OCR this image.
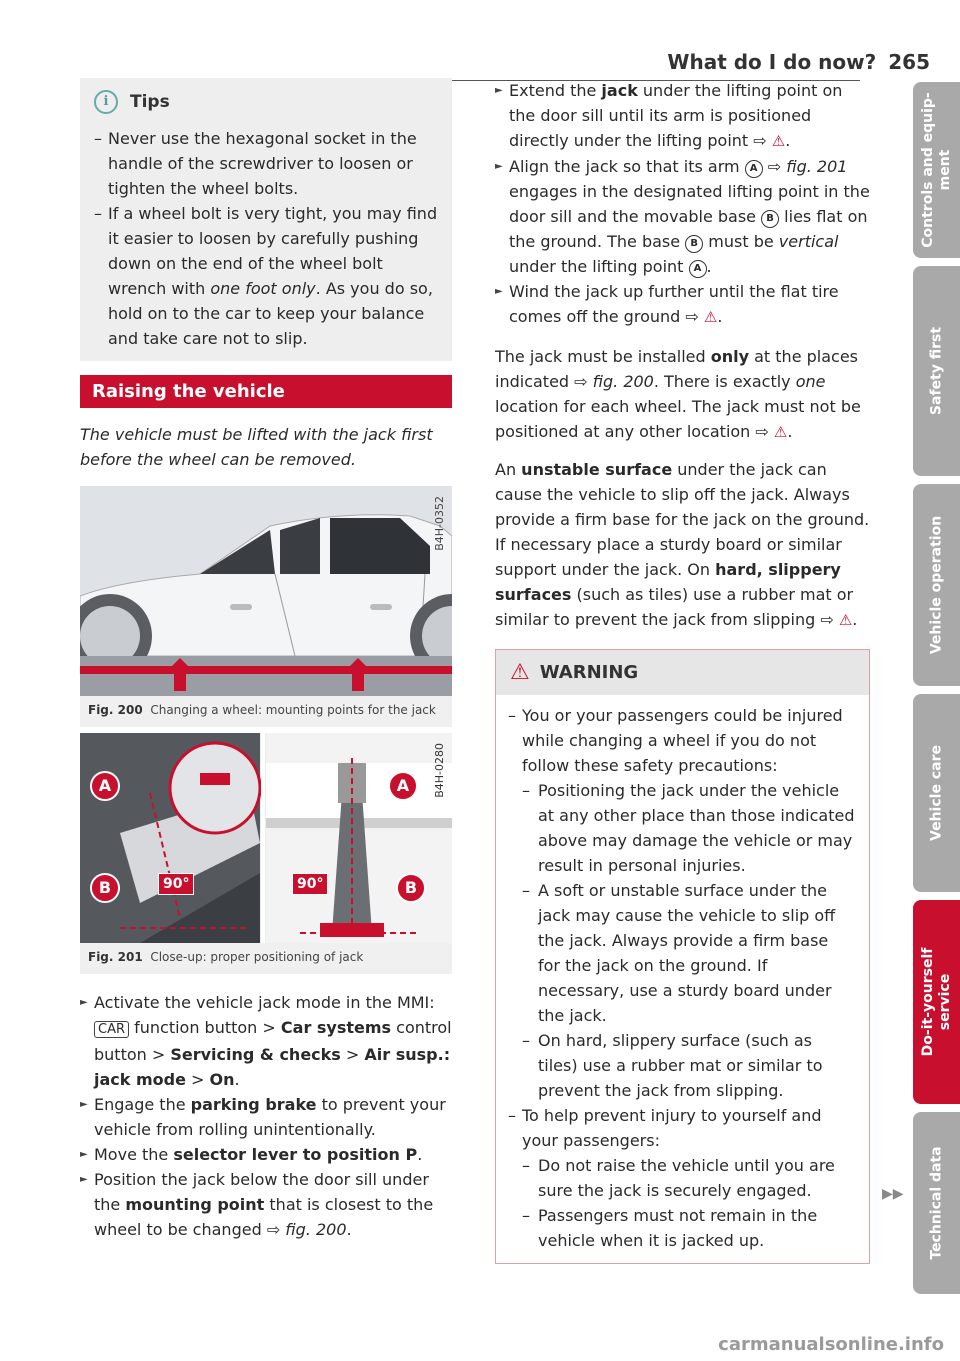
What do I do now? 265
i	Tips
– Never use the hexagonal socket in the handle of the screwdriver to loosen or tighten the wheel bolts.
– If a wheel bolt is very tight, you may find it easier to loosen by carefully pushing down on the end of the wheel bolt wrench with one foot only. As you do so, hold on to the car to keep your balance and take care not to slip.
Raising the vehicle

The vehicle must be lifted with the jack first before the wheel can be removed.

B4H-0352
Fig. 200 Changing a wheel: mounting points for the jack
A
B	90°
A
B
90°
B4H-0280
Fig. 201 Close-up: proper positioning of jack
► Activate the vehicle jack mode in the MMI: CAR function button > Car systems control button > Servicing & checks > Air susp.: jack mode > On.
► Engage the parking brake to prevent your vehicle from rolling unintentionally.
► Move the selector lever to position P.
► Position the jack below the door sill under the mounting point that is closest to the wheel to be changed ⇨ fig. 200.
► Extend the jack under the lifting point on the door sill until its arm is positioned directly under the lifting point ⇨ ⚠.
► Align the jack so that its arm A ⇨ fig. 201 engages in the designated lifting point in the door sill and the movable base B lies flat on the ground. The base B must be vertical under the lifting point A .
► Wind the jack up further until the flat tire comes off the ground ⇨ ⚠.

The jack must be installed only at the places indicated ⇨ fig. 200. There is exactly one location for each wheel. The jack must not be positioned at any other location ⇨ ⚠.

An unstable surface under the jack can cause the vehicle to slip off the jack. Always provide a firm base for the jack on the ground. If necessary place a sturdy board or similar support under the jack. On hard, slippery surfaces (such as tiles) use a rubber mat or similar to prevent the jack from slipping ⇨ ⚠.

⚠ WARNING
– You or your passengers could be injured while changing a wheel if you do not follow these safety precautions:
– Positioning the jack under the vehicle at any other place than those indicated above may damage the vehicle or may result in personal injuries.
– A soft or unstable surface under the jack may cause the vehicle to slip off the jack. Always provide a firm base for the jack on the ground. If necessary, use a sturdy board under the jack.
– On hard, slippery surface (such as tiles) use a rubber mat or similar to prevent the jack from slipping.
– To help prevent injury to yourself and your passengers:
– Do not raise the vehicle until you are sure the jack is securely engaged.
– Passengers must not remain in the vehicle when it is jacked up.
▶▶
Controls and equip-
ment
Safety first
Vehicle operation
Vehicle care
Do-it-yourself
service
Technical data
carmanualsonline.info
